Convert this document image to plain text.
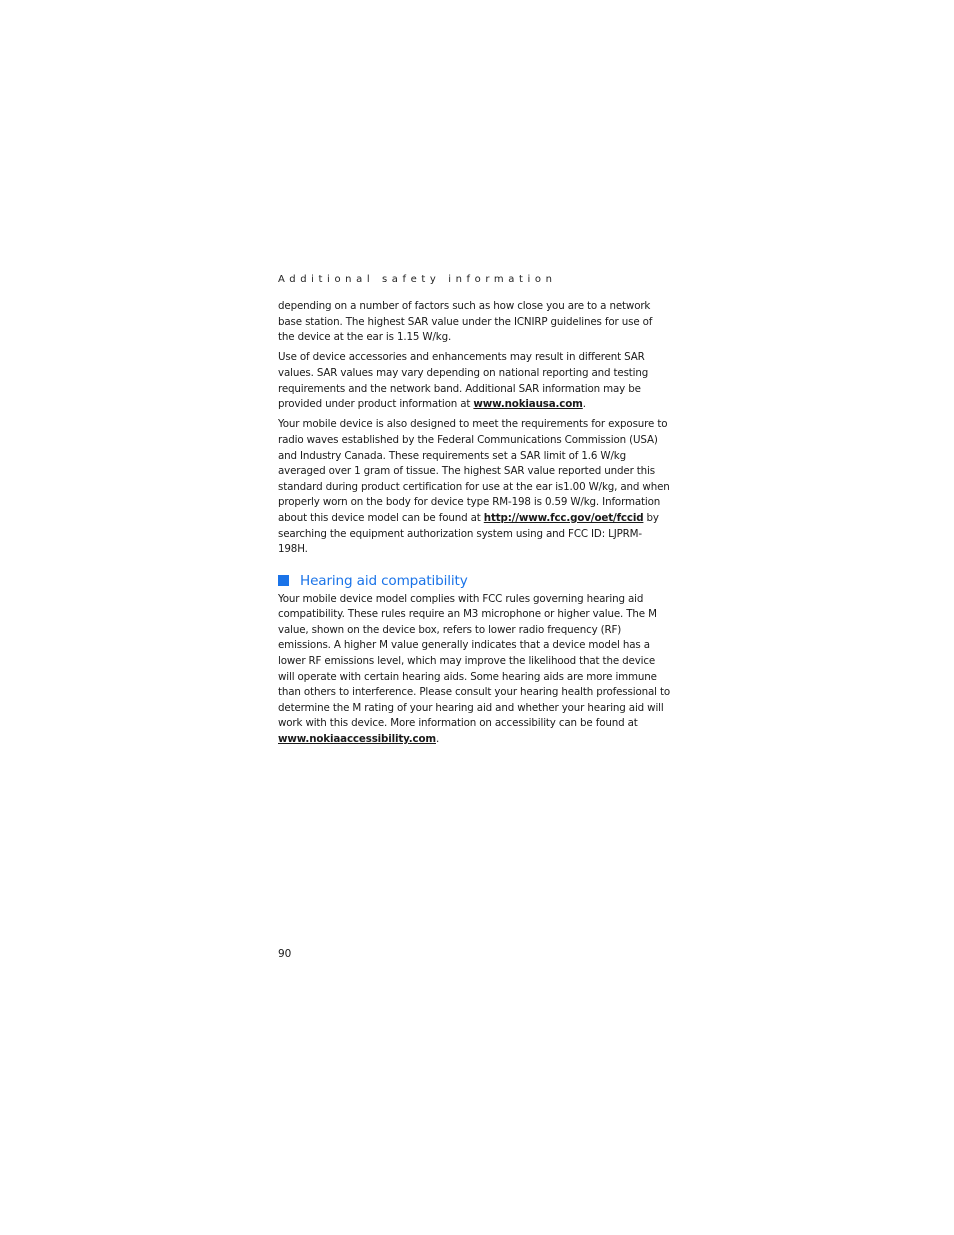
Additional safety information

depending on a number of factors such as how close you are to a network base station. The highest SAR value under the ICNIRP guidelines for use of the device at the ear is 1.15 W/kg.

Use of device accessories and enhancements may result in different SAR values. SAR values may vary depending on national reporting and testing requirements and the network band. Additional SAR information may be provided under product information at www.nokiausa.com.

Your mobile device is also designed to meet the requirements for exposure to radio waves established by the Federal Communications Commission (USA) and Industry Canada. These requirements set a SAR limit of 1.6 W/kg averaged over 1 gram of tissue. The highest SAR value reported under this standard during product certification for use at the ear is1.00 W/kg, and when properly worn on the body for device type RM-198 is 0.59 W/kg. Information about this device model can be found at http://www.fcc.gov/oet/fccid by searching the equipment authorization system using and FCC ID: LJPRM-198H.

Hearing aid compatibility

Your mobile device model complies with FCC rules governing hearing aid compatibility. These rules require an M3 microphone or higher value. The M value, shown on the device box, refers to lower radio frequency (RF) emissions. A higher M value generally indicates that a device model has a lower RF emissions level, which may improve the likelihood that the device will operate with certain hearing aids. Some hearing aids are more immune than others to interference. Please consult your hearing health professional to determine the M rating of your hearing aid and whether your hearing aid will work with this device. More information on accessibility can be found at www.nokiaaccessibility.com.

90
